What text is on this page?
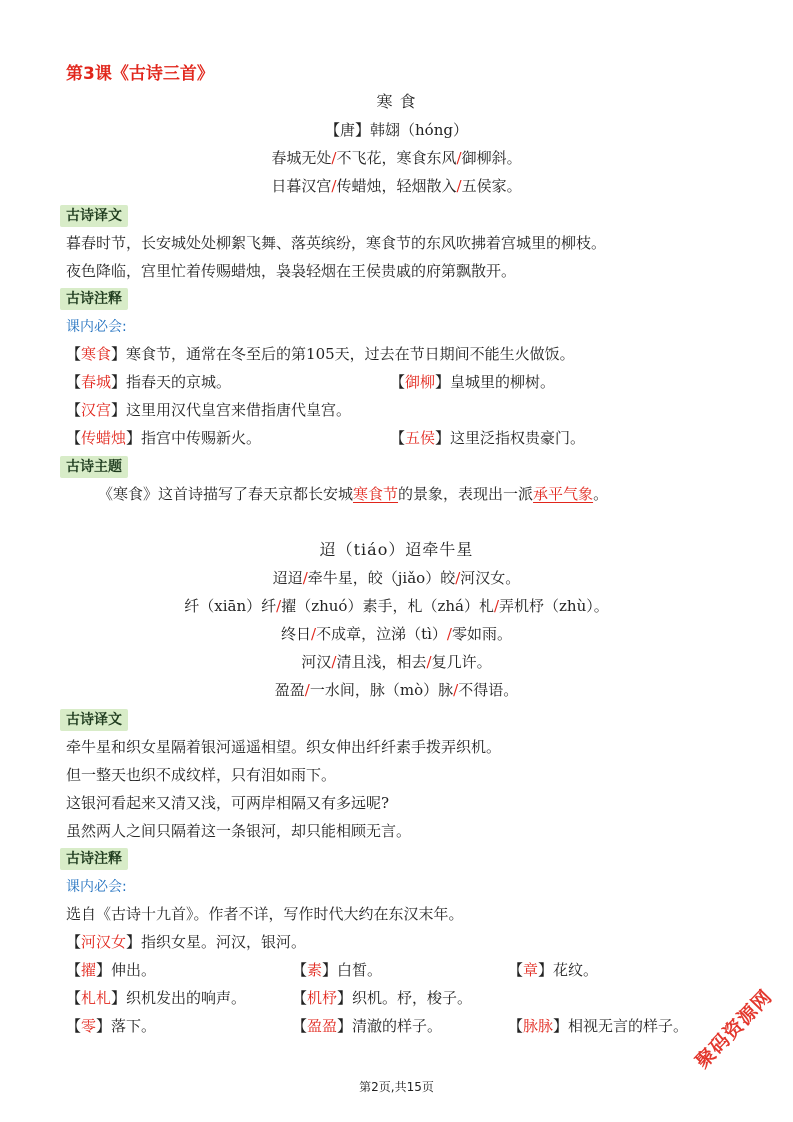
第3课《古诗三首》
寒 食
【唐】韩翃（hóng）
春城无处/不飞花，寒食东风/御柳斜。
日暮汉宫/传蜡烛，轻烟散入/五侯家。
古诗译文
暮春时节，长安城处处柳絮飞舞、落英缤纷，寒食节的东风吹拂着宫城里的柳枝。
夜色降临，宫里忙着传赐蜡烛，袅袅轻烟在王侯贵戚的府第飘散开。
古诗注释
课内必会:
【寒食】寒食节，通常在冬至后的第105天，过去在节日期间不能生火做饭。
【春城】指春天的京城。	【御柳】皇城里的柳树。
【汉宫】这里用汉代皇宫来借指唐代皇宫。
【传蜡烛】指宫中传赐新火。	【五侯】这里泛指权贵豪门。
古诗主题
《寒食》这首诗描写了春天京都长安城寒食节的景象，表现出一派承平气象。
迢（tiáo）迢牵牛星
迢迢/牵牛星，皎（jiǎo）皎/河汉女。
纤（xiān）纤/擢（zhuó）素手，札（zhá）札/弄机杼（zhù）。
终日/不成章，泣涕（tì）/零如雨。
河汉/清且浅，相去/复几许。
盈盈/一水间，脉（mò）脉/不得语。
古诗译文
牵牛星和织女星隔着银河遥遥相望。织女伸出纤纤素手拨弄织机。
但一整天也织不成纹样，只有泪如雨下。
这银河看起来又清又浅，可两岸相隔又有多远呢?
虽然两人之间只隔着这一条银河，却只能相顾无言。
古诗注释
课内必会:
选自《古诗十九首》。作者不详，写作时代大约在东汉末年。
【河汉女】指织女星。河汉，银河。
【擢】伸出。	【素】白皙。	【章】花纹。
【札札】织机发出的响声。	【机杼】织机。杼，梭子。
【零】落下。	【盈盈】清澈的样子。	【脉脉】相视无言的样子。
第2页,共15页
聚码资源网
